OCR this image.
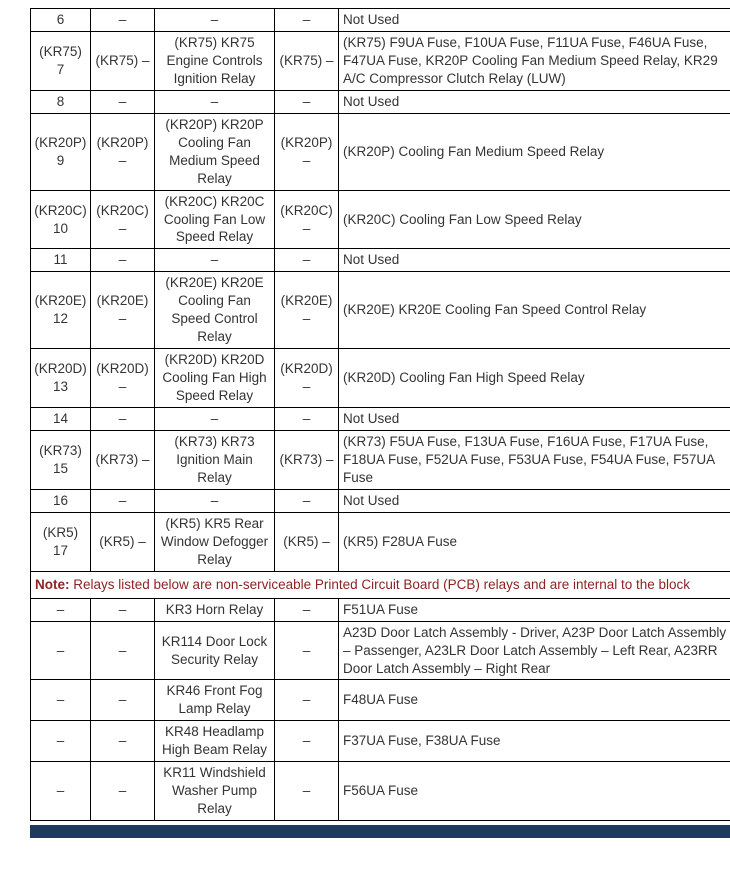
6	–	–	–	Not Used
(KR75) 7	(KR75) –	(KR75) KR75 Engine Controls Ignition Relay	(KR75) –	(KR75) F9UA Fuse, F10UA Fuse, F11UA Fuse, F46UA Fuse, F47UA Fuse, KR20P Cooling Fan Medium Speed Relay, KR29 A/C Compressor Clutch Relay (LUW)
8	–	–	–	Not Used
(KR20P) 9	(KR20P) –	(KR20P) KR20P Cooling Fan Medium Speed Relay	(KR20P) –	(KR20P) Cooling Fan Medium Speed Relay
(KR20C) 10	(KR20C) –	(KR20C) KR20C Cooling Fan Low Speed Relay	(KR20C) –	(KR20C) Cooling Fan Low Speed Relay
11	–	–	–	Not Used
(KR20E) 12	(KR20E) –	(KR20E) KR20E Cooling Fan Speed Control Relay	(KR20E) –	(KR20E) KR20E Cooling Fan Speed Control Relay
(KR20D) 13	(KR20D) –	(KR20D) KR20D Cooling Fan High Speed Relay	(KR20D) –	(KR20D) Cooling Fan High Speed Relay
14	–	–	–	Not Used
(KR73) 15	(KR73) –	(KR73) KR73 Ignition Main Relay	(KR73) –	(KR73) F5UA Fuse, F13UA Fuse, F16UA Fuse, F17UA Fuse, F18UA Fuse, F52UA Fuse, F53UA Fuse, F54UA Fuse, F57UA Fuse
16	–	–	–	Not Used
(KR5) 17	(KR5) –	(KR5) KR5 Rear Window Defogger Relay	(KR5) –	(KR5) F28UA Fuse
Note: Relays listed below are non-serviceable Printed Circuit Board (PCB) relays and are internal to the block				
–	–	KR3 Horn Relay	–	F51UA Fuse
–	–	KR114 Door Lock Security Relay	–	A23D Door Latch Assembly - Driver, A23P Door Latch Assembly – Passenger, A23LR Door Latch Assembly – Left Rear, A23RR Door Latch Assembly – Right Rear
–	–	KR46 Front Fog Lamp Relay	–	F48UA Fuse
–	–	KR48 Headlamp High Beam Relay	–	F37UA Fuse, F38UA Fuse
–	–	KR11 Windshield Washer Pump Relay	–	F56UA Fuse
